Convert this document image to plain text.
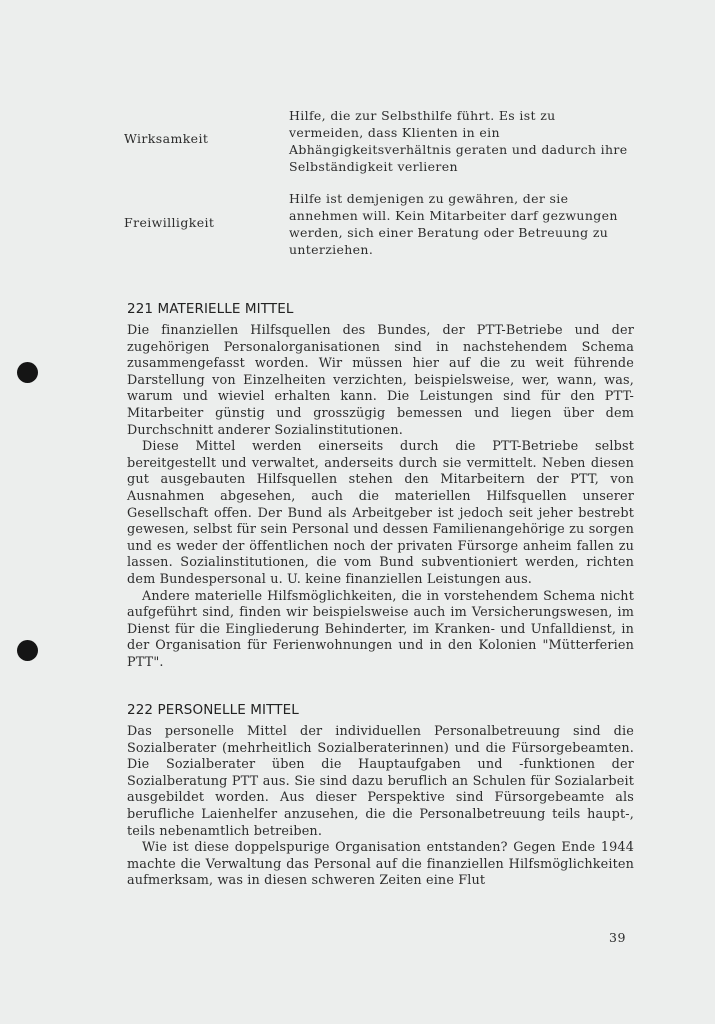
Wirksamkeit
Hilfe, die zur Selbsthilfe führt. Es ist zu vermeiden, dass Klienten in ein Abhängigkeitsverhältnis geraten und dadurch ihre Selbständigkeit verlieren
Freiwilligkeit
Hilfe ist demjenigen zu gewähren, der sie annehmen will. Kein Mitarbeiter darf gezwungen werden, sich einer Beratung oder Betreuung zu unterziehen.
221 MATERIELLE MITTEL

Die finanziellen Hilfsquellen des Bundes, der PTT-Betriebe und der zugehörigen Personalorganisationen sind in nachstehendem Schema zusammengefasst worden. Wir müssen hier auf die zu weit führende Darstellung von Einzelheiten verzichten, beispielsweise, wer, wann, was, warum und wieviel erhalten kann. Die Leistungen sind für den PTT-Mitarbeiter günstig und grosszügig bemessen und liegen über dem Durchschnitt anderer Sozialinstitutionen.

Diese Mittel werden einerseits durch die PTT-Betriebe selbst bereitgestellt und verwaltet, anderseits durch sie vermittelt. Neben diesen gut ausgebauten Hilfsquellen stehen den Mitarbeitern der PTT, von Ausnahmen abgesehen, auch die materiellen Hilfsquellen unserer Gesellschaft offen. Der Bund als Arbeitgeber ist jedoch seit jeher bestrebt gewesen, selbst für sein Personal und dessen Familienangehörige zu sorgen und es weder der öffentlichen noch der privaten Fürsorge anheim fallen zu lassen. Sozialinstitutionen, die vom Bund subventioniert werden, richten dem Bundespersonal u. U. keine finanziellen Leistungen aus.

Andere materielle Hilfsmöglichkeiten, die in vorstehendem Schema nicht aufgeführt sind, finden wir beispielsweise auch im Versicherungswesen, im Dienst für die Eingliederung Behinderter, im Kranken- und Unfalldienst, in der Organisation für Ferienwohnungen und in den Kolonien "Mütterferien PTT".

222 PERSONELLE MITTEL

Das personelle Mittel der individuellen Personalbetreuung sind die Sozialberater (mehrheitlich Sozialberaterinnen) und die Fürsorgebeamten. Die Sozialberater üben die Hauptaufgaben und -funktionen der Sozialberatung PTT aus. Sie sind dazu beruflich an Schulen für Sozialarbeit ausgebildet worden. Aus dieser Perspektive sind Fürsorgebeamte als berufliche Laienhelfer anzusehen, die die Personalbetreuung teils haupt-, teils nebenamtlich betreiben.

Wie ist diese doppelspurige Organisation entstanden? Gegen Ende 1944 machte die Verwaltung das Personal auf die finanziellen Hilfsmöglichkeiten aufmerksam, was in diesen schweren Zeiten eine Flut

39
